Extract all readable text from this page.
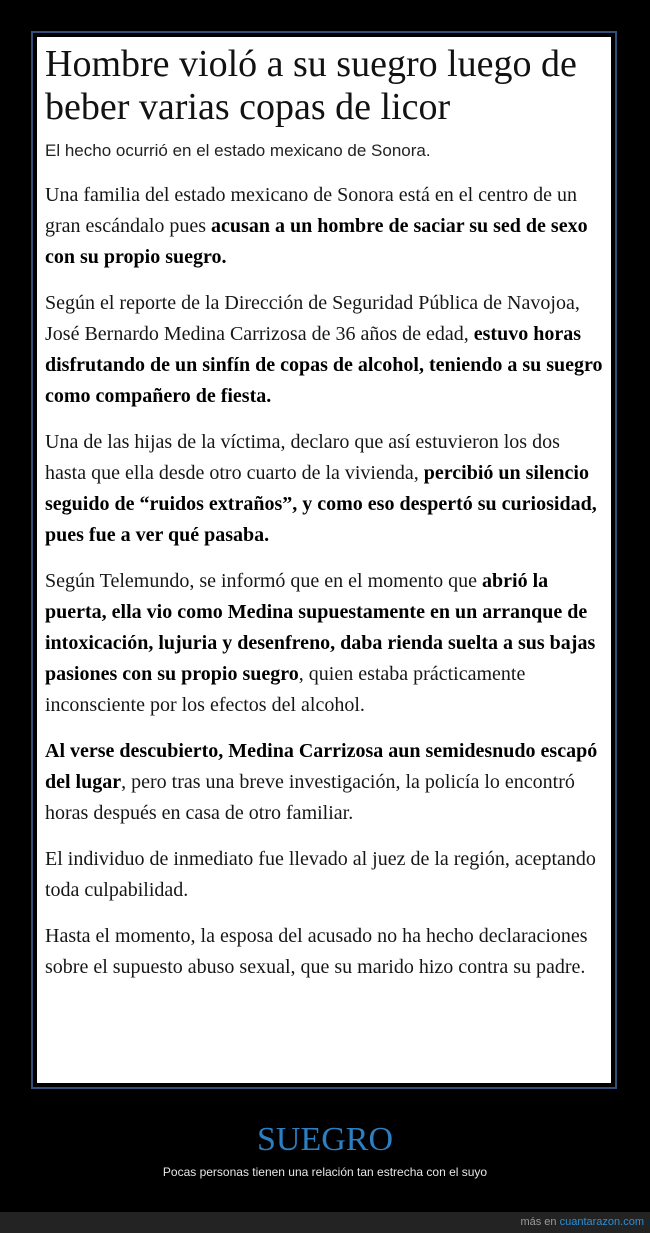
Hombre violó a su suegro luego de beber varias copas de licor

El hecho ocurrió en el estado mexicano de Sonora.

Una familia del estado mexicano de Sonora está en el centro de un gran escándalo pues acusan a un hombre de saciar su sed de sexo con su propio suegro.

Según el reporte de la Dirección de Seguridad Pública de Navojoa, José Bernardo Medina Carrizosa de 36 años de edad, estuvo horas disfrutando de un sinfín de copas de alcohol, teniendo a su suegro como compañero de fiesta.

Una de las hijas de la víctima, declaro que así estuvieron los dos hasta que ella desde otro cuarto de la vivienda, percibió un silencio seguido de “ruidos extraños”, y como eso despertó su curiosidad, pues fue a ver qué pasaba.

Según Telemundo, se informó que en el momento que abrió la puerta, ella vio como Medina supuestamente en un arranque de intoxicación, lujuria y desenfreno, daba rienda suelta a sus bajas pasiones con su propio suegro, quien estaba prácticamente inconsciente por los efectos del alcohol.

Al verse descubierto, Medina Carrizosa aun semidesnudo escapó del lugar, pero tras una breve investigación, la policía lo encontró horas después en casa de otro familiar.

El individuo de inmediato fue llevado al juez de la región, aceptando toda culpabilidad.

Hasta el momento, la esposa del acusado no ha hecho declaraciones sobre el supuesto abuso sexual, que su marido hizo contra su padre.

SUEGRO

Pocas personas tienen una relación tan estrecha con el suyo

más en cuantarazon.com
